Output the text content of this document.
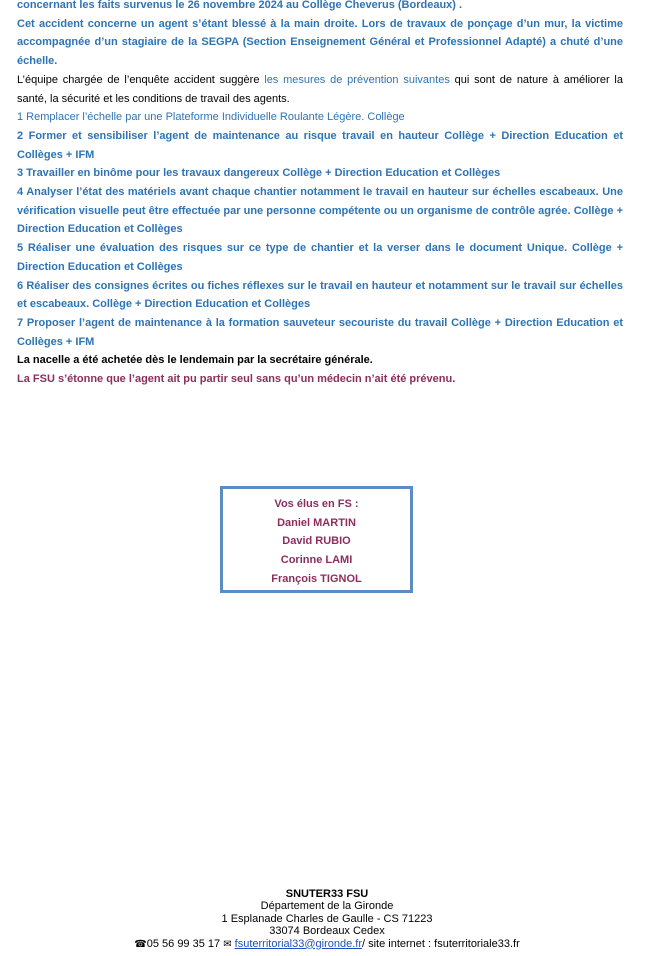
concernant les faits survenus le 26 novembre 2024 au Collège Cheverus (Bordeaux) .

Cet accident concerne un agent s’étant blessé à la main droite. Lors de travaux de ponçage d’un mur, la victime accompagnée d’un stagiaire de la SEGPA (Section Enseignement Général et Professionnel Adapté) a chuté d’une échelle.

L’équipe chargée de l’enquête accident suggère les mesures de prévention suivantes qui sont de nature à améliorer la santé, la sécurité et les conditions de travail des agents.

1 Remplacer l’échelle par une Plateforme Individuelle Roulante Légère. Collège

2 Former et sensibiliser l’agent de maintenance au risque travail en hauteur Collège + Direction Education et Collèges + IFM

3 Travailler en binôme pour les travaux dangereux Collège + Direction Education et Collèges

4 Analyser l’état des matériels avant chaque chantier notamment le travail en hauteur sur échelles escabeaux. Une vérification visuelle peut être effectuée par une personne compétente ou un organisme de contrôle agrée. Collège + Direction Education et Collèges

5 Réaliser une évaluation des risques sur ce type de chantier et la verser dans le document Unique. Collège + Direction Education et Collèges

6 Réaliser des consignes écrites ou fiches réflexes sur le travail en hauteur et notamment sur le travail sur échelles et escabeaux. Collège + Direction Education et Collèges

7 Proposer l’agent de maintenance à la formation sauveteur secouriste du travail Collège + Direction Education et Collèges + IFM

La nacelle a été achetée dès le lendemain par la secrétaire générale.

La FSU s’étonne que l’agent ait pu partir seul sans qu’un médecin n’ait été prévenu.

Vos élus en FS :
Daniel MARTIN
David RUBIO
Corinne LAMI
François TIGNOL
SNUTER33 FSU
Département de la Gironde
1 Esplanade Charles de Gaulle - CS 71223
33074 Bordeaux Cedex
☎05 56 99 35 17 ✉ fsuterritorial33@gironde.fr/ site internet : fsuterritoriale33.fr
